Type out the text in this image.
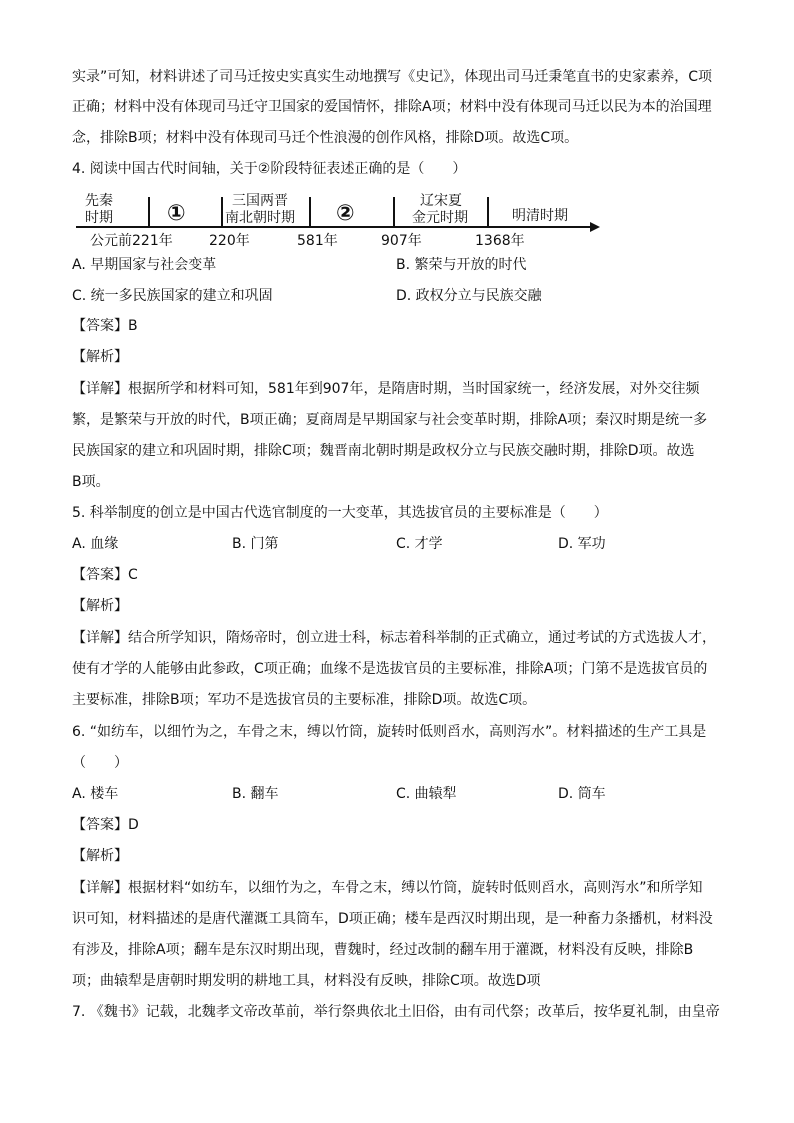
实录”可知，材料讲述了司马迁按史实真实生动地撰写《史记》，体现出司马迁秉笔直书的史家素养，C项
正确；材料中没有体现司马迁守卫国家的爱国情怀，排除A项；材料中没有体现司马迁以民为本的治国理
念，排除B项；材料中没有体现司马迁个性浪漫的创作风格，排除D项。故选C项。
4. 阅读中国古代时间轴，关于②阶段特征表述正确的是（　　）
先秦
时期 ①	三国两晋
南北朝时期 ②	辽宋夏
金元时期	明清时期
公元前221年	220年	581年	907年	1368年
A. 早期国家与社会变革	B. 繁荣与开放的时代
C. 统一多民族国家的建立和巩固	D. 政权分立与民族交融
【答案】B
【解析】
【详解】根据所学和材料可知，581年到907年，是隋唐时期，当时国家统一，经济发展，对外交往频
繁，是繁荣与开放的时代，B项正确；夏商周是早期国家与社会变革时期，排除A项；秦汉时期是统一多
民族国家的建立和巩固时期，排除C项；魏晋南北朝时期是政权分立与民族交融时期，排除D项。故选
B项。
5. 科举制度的创立是中国古代选官制度的一大变革，其选拔官员的主要标准是（　　）
A. 血缘	B. 门第	C. 才学	D. 军功
【答案】C
【解析】
【详解】结合所学知识，隋炀帝时，创立进士科，标志着科举制的正式确立，通过考试的方式选拔人才，
使有才学的人能够由此参政，C项正确；血缘不是选拔官员的主要标准，排除A项；门第不是选拔官员的
主要标准，排除B项；军功不是选拔官员的主要标准，排除D项。故选C项。
6. “如纺车，以细竹为之，车骨之末，缚以竹筒，旋转时低则舀水，高则泻水”。材料描述的生产工具是
（　　）
A. 楼车	B. 翻车	C. 曲辕犁	D. 筒车
【答案】D
【解析】
【详解】根据材料“如纺车，以细竹为之，车骨之末，缚以竹筒，旋转时低则舀水，高则泻水”和所学知
识可知，材料描述的是唐代灌溉工具筒车，D项正确；楼车是西汉时期出现，是一种畜力条播机，材料没
有涉及，排除A项；翻车是东汉时期出现，曹魏时，经过改制的翻车用于灌溉，材料没有反映，排除B
项；曲辕犁是唐朝时期发明的耕地工具，材料没有反映，排除C项。故选D项
7. 《魏书》记载，北魏孝文帝改革前，举行祭典依北土旧俗，由有司代祭；改革后，按华夏礼制，由皇帝
